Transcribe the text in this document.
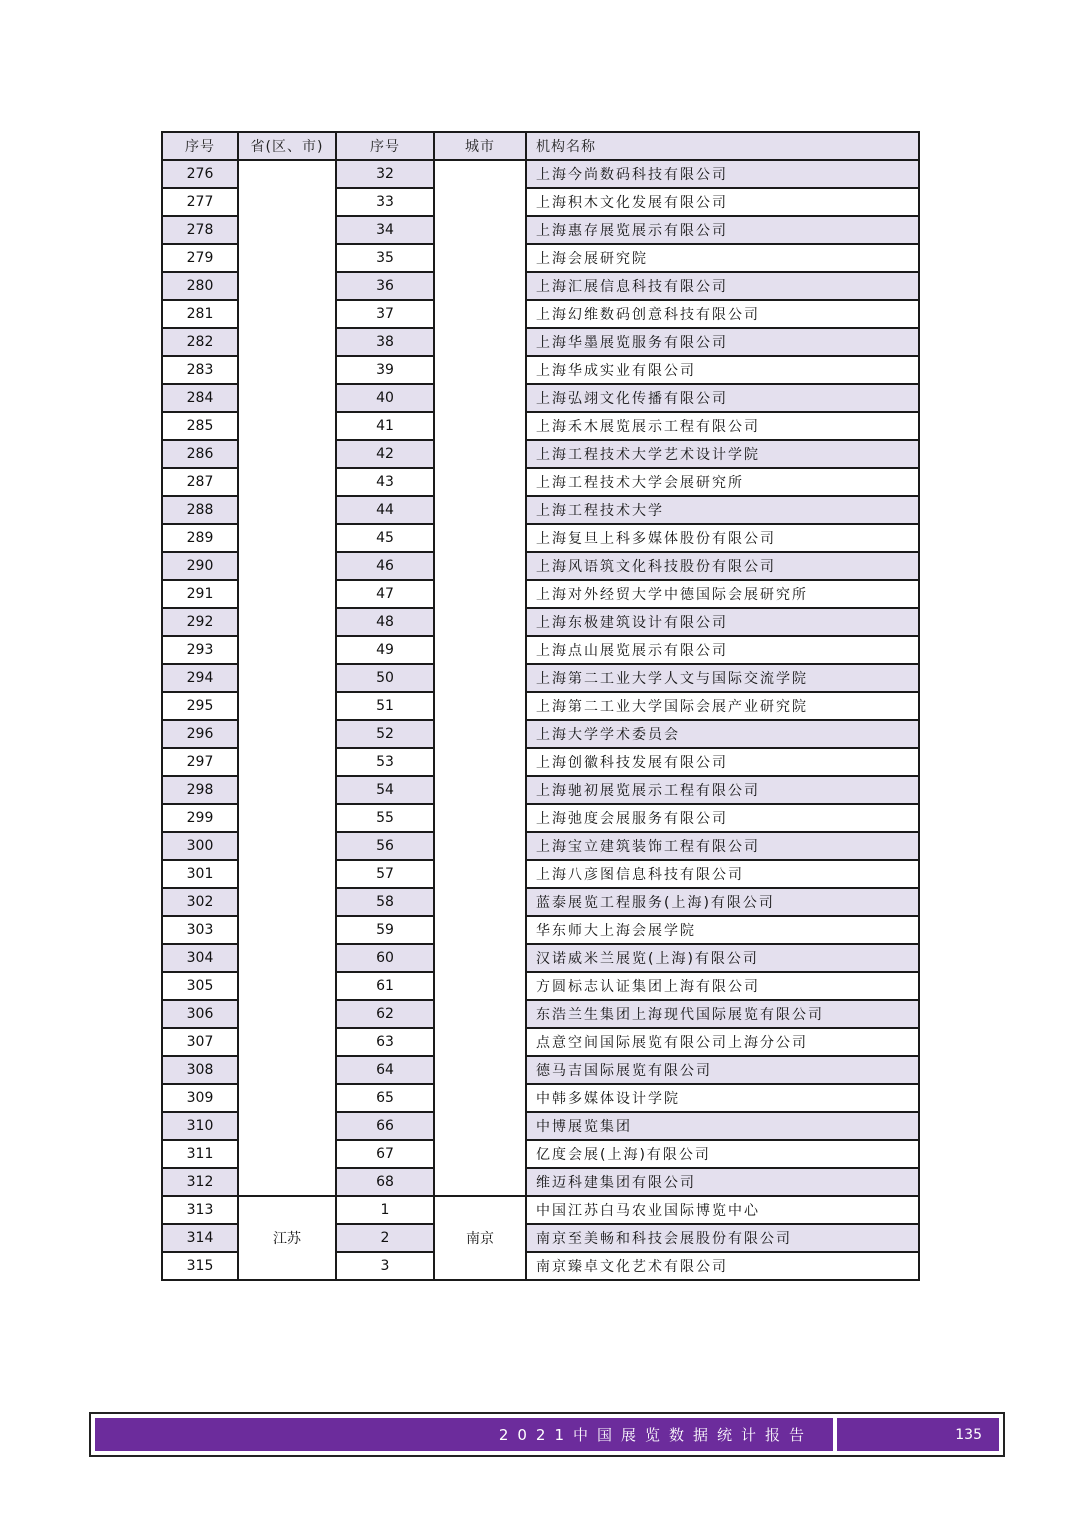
序号	省(区、市)	序号	城市	机构名称
276		32		上海今尚数码科技有限公司
277		33		上海积木文化发展有限公司
278		34		上海惠存展览展示有限公司
279		35		上海会展研究院
280		36		上海汇展信息科技有限公司
281		37		上海幻维数码创意科技有限公司
282		38		上海华墨展览服务有限公司
283		39		上海华成实业有限公司
284		40		上海弘翊文化传播有限公司
285		41		上海禾木展览展示工程有限公司
286		42		上海工程技术大学艺术设计学院
287		43		上海工程技术大学会展研究所
288		44		上海工程技术大学
289		45		上海复旦上科多媒体股份有限公司
290		46		上海风语筑文化科技股份有限公司
291		47		上海对外经贸大学中德国际会展研究所
292		48		上海东极建筑设计有限公司
293		49		上海点山展览展示有限公司
294		50		上海第二工业大学人文与国际交流学院
295		51		上海第二工业大学国际会展产业研究院
296		52		上海大学学术委员会
297		53		上海创徽科技发展有限公司
298		54		上海驰初展览展示工程有限公司
299		55		上海弛度会展服务有限公司
300		56		上海宝立建筑装饰工程有限公司
301		57		上海八彦图信息科技有限公司
302		58		蓝泰展览工程服务(上海)有限公司
303		59		华东师大上海会展学院
304		60		汉诺威米兰展览(上海)有限公司
305		61		方圆标志认证集团上海有限公司
306		62		东浩兰生集团上海现代国际展览有限公司
307		63		点意空间国际展览有限公司上海分公司
308		64		德马吉国际展览有限公司
309		65		中韩多媒体设计学院
310		66		中博展览集团
311		67		亿度会展(上海)有限公司
312		68		维迈科建集团有限公司
313	江苏	1	南京	中国江苏白马农业国际博览中心
314		2		南京至美畅和科技会展股份有限公司
315		3		南京臻卓文化艺术有限公司
2021中国展览数据统计报告	135
